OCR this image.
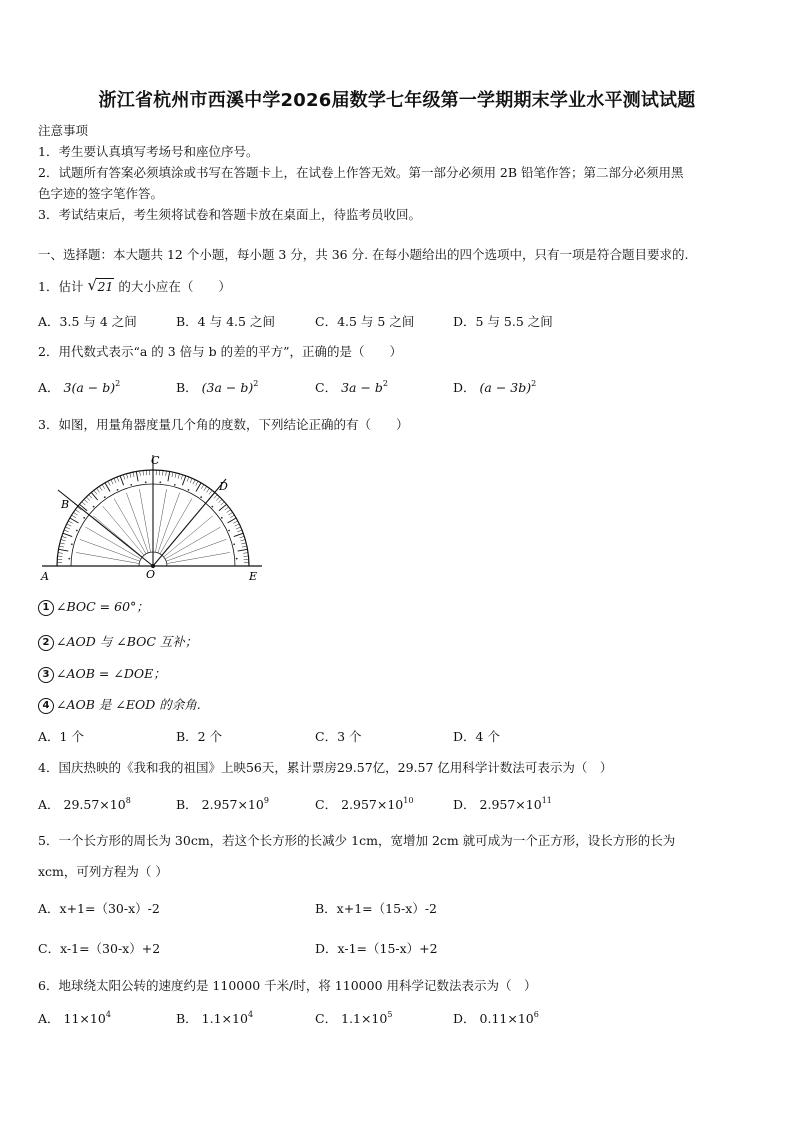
浙江省杭州市西溪中学2026届数学七年级第一学期期末学业水平测试试题
注意事项
1．考生要认真填写考场号和座位序号。
2．试题所有答案必须填涂或书写在答题卡上，在试卷上作答无效。第一部分必须用 2B 铅笔作答；第二部分必须用黑
色字迹的签字笔作答。
3．考试结束后，考生须将试卷和答题卡放在桌面上，待监考员收回。
一、选择题：本大题共 12 个小题，每小题 3 分，共 36 分. 在每小题给出的四个选项中，只有一项是符合题目要求的.
1．估计 √ 21 的大小应在（　　）
A．3.5 与 4 之间	B．4 与 4.5 之间	C．4.5 与 5 之间	D．5 与 5.5 之间
2．用代数式表示“a 的 3 倍与 b 的差的平方”，正确的是（　　）
A． $3(a - b)^2$	B． $(3a - b)^2$	C． $3a - b^2$	D． $(a - 3b)^2$
3．如图，用量角器度量几个角的度数，下列结论正确的有（　　）
A
B
C
D
O	E
1 ∠BOC = 60°；
2 ∠AOD 与 ∠BOC 互补；
3 ∠AOB = ∠DOE；
4 ∠AOB 是 ∠EOD 的余角.
A．1 个	B．2 个	C．3 个	D．4 个
4．国庆热映的《我和我的祖国》上映56天，累计票房29.57亿，29.57 亿用科学计数法可表示为（　）
A． $29.57\times 10^8$	B． $2.957\times 10^9$	C． $2.957\times 10^{10}$	D． $2.957\times 10^{11}$
5．一个长方形的周长为 30cm，若这个长方形的长减少 1cm，宽增加 2cm 就可成为一个正方形，设长方形的长为
xcm，可列方程为（ ）
A．x+1=（30-x）-2	B．x+1=（15-x）-2
C．x-1=（30-x）+2	D．x-1=（15-x）+2
6．地球绕太阳公转的速度约是 110000 千米/时，将 110000 用科学记数法表示为（　）
A． $11\times 10^4$	B． $1.1\times 10^4$	C． $1.1\times 10^5$	D． $0.11\times 10^6$
